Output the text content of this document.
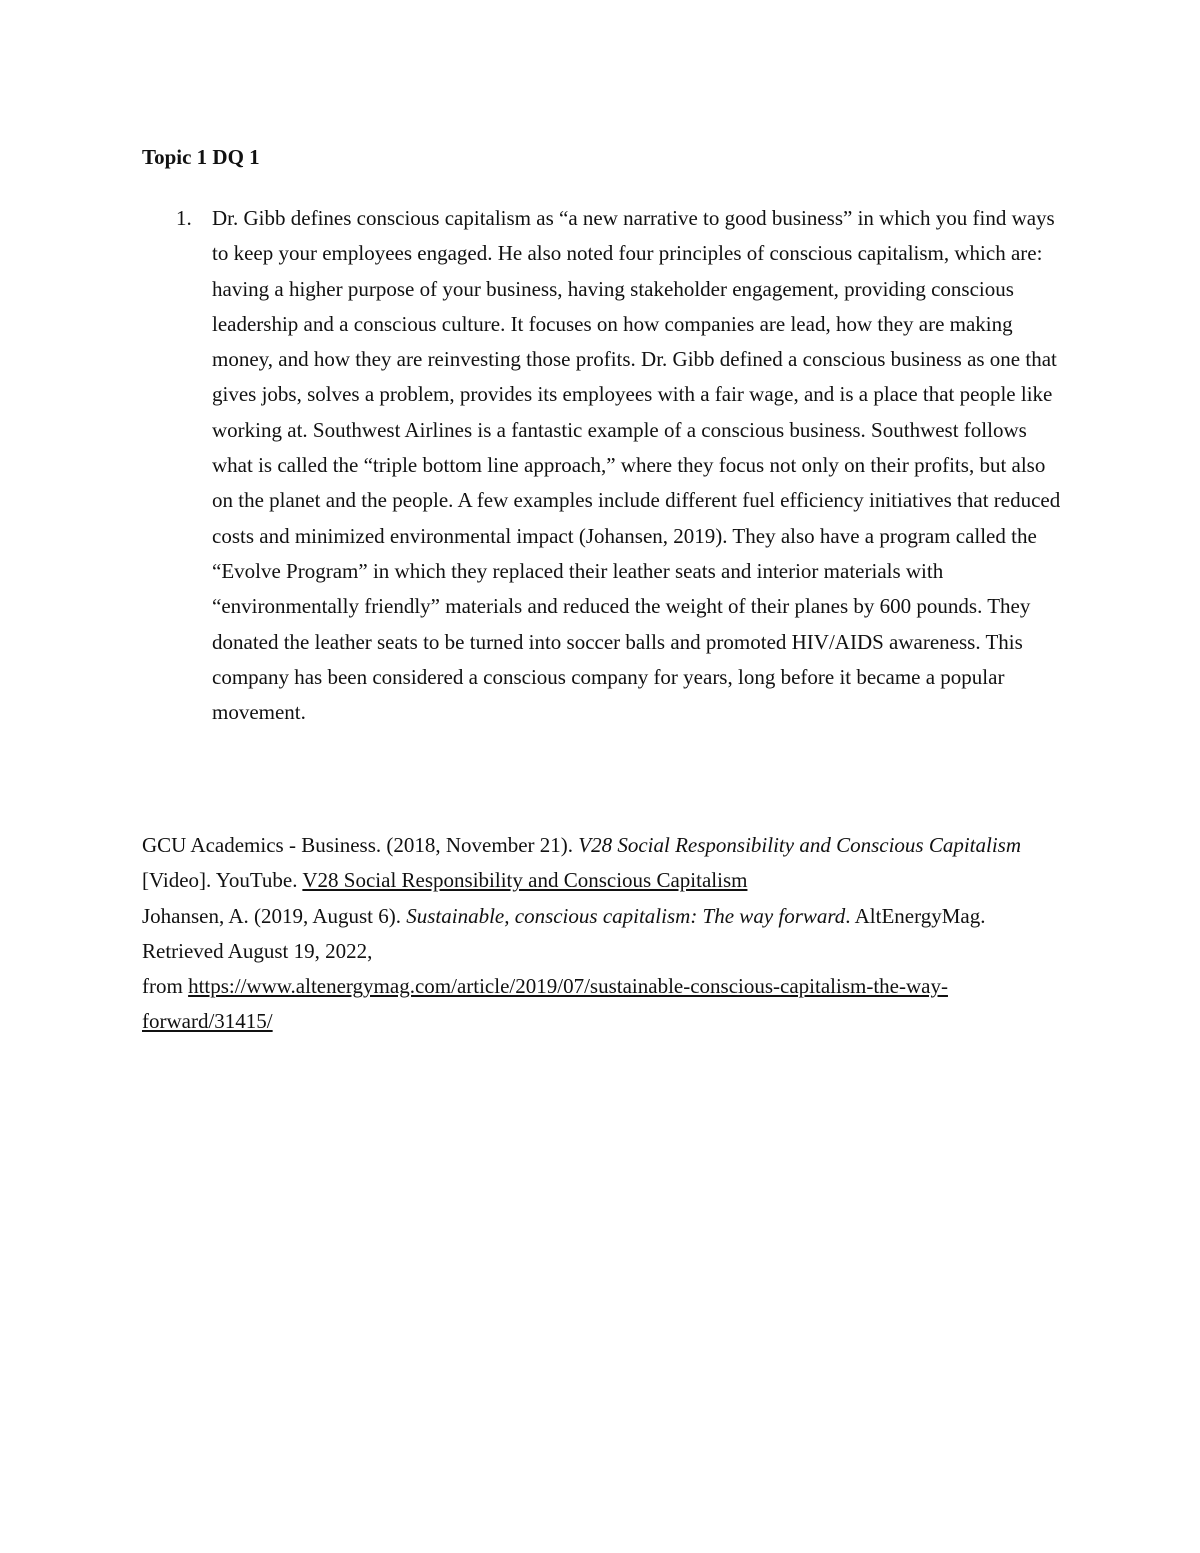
Topic 1 DQ 1

1. Dr. Gibb defines conscious capitalism as “a new narrative to good business” in which you find ways to keep your employees engaged. He also noted four principles of conscious capitalism, which are: having a higher purpose of your business, having stakeholder engagement, providing conscious leadership and a conscious culture. It focuses on how companies are lead, how they are making money, and how they are reinvesting those profits. Dr. Gibb defined a conscious business as one that gives jobs, solves a problem, provides its employees with a fair wage, and is a place that people like working at. Southwest Airlines is a fantastic example of a conscious business. Southwest follows what is called the “triple bottom line approach,” where they focus not only on their profits, but also on the planet and the people. A few examples include different fuel efficiency initiatives that reduced costs and minimized environmental impact (Johansen, 2019). They also have a program called the “Evolve Program” in which they replaced their leather seats and interior materials with “environmentally friendly” materials and reduced the weight of their planes by 600 pounds. They donated the leather seats to be turned into soccer balls and promoted HIV/AIDS awareness. This company has been considered a conscious company for years, long before it became a popular movement.

GCU Academics - Business. (2018, November 21). V28 Social Responsibility and Conscious Capitalism [Video]. YouTube. V28 Social Responsibility and Conscious Capitalism

Johansen, A. (2019, August 6). Sustainable, conscious capitalism: The way forward. AltEnergyMag. Retrieved August 19, 2022,
from https://www.altenergymag.com/article/2019/07/sustainable-conscious-capitalism-the-way-forward/31415/
